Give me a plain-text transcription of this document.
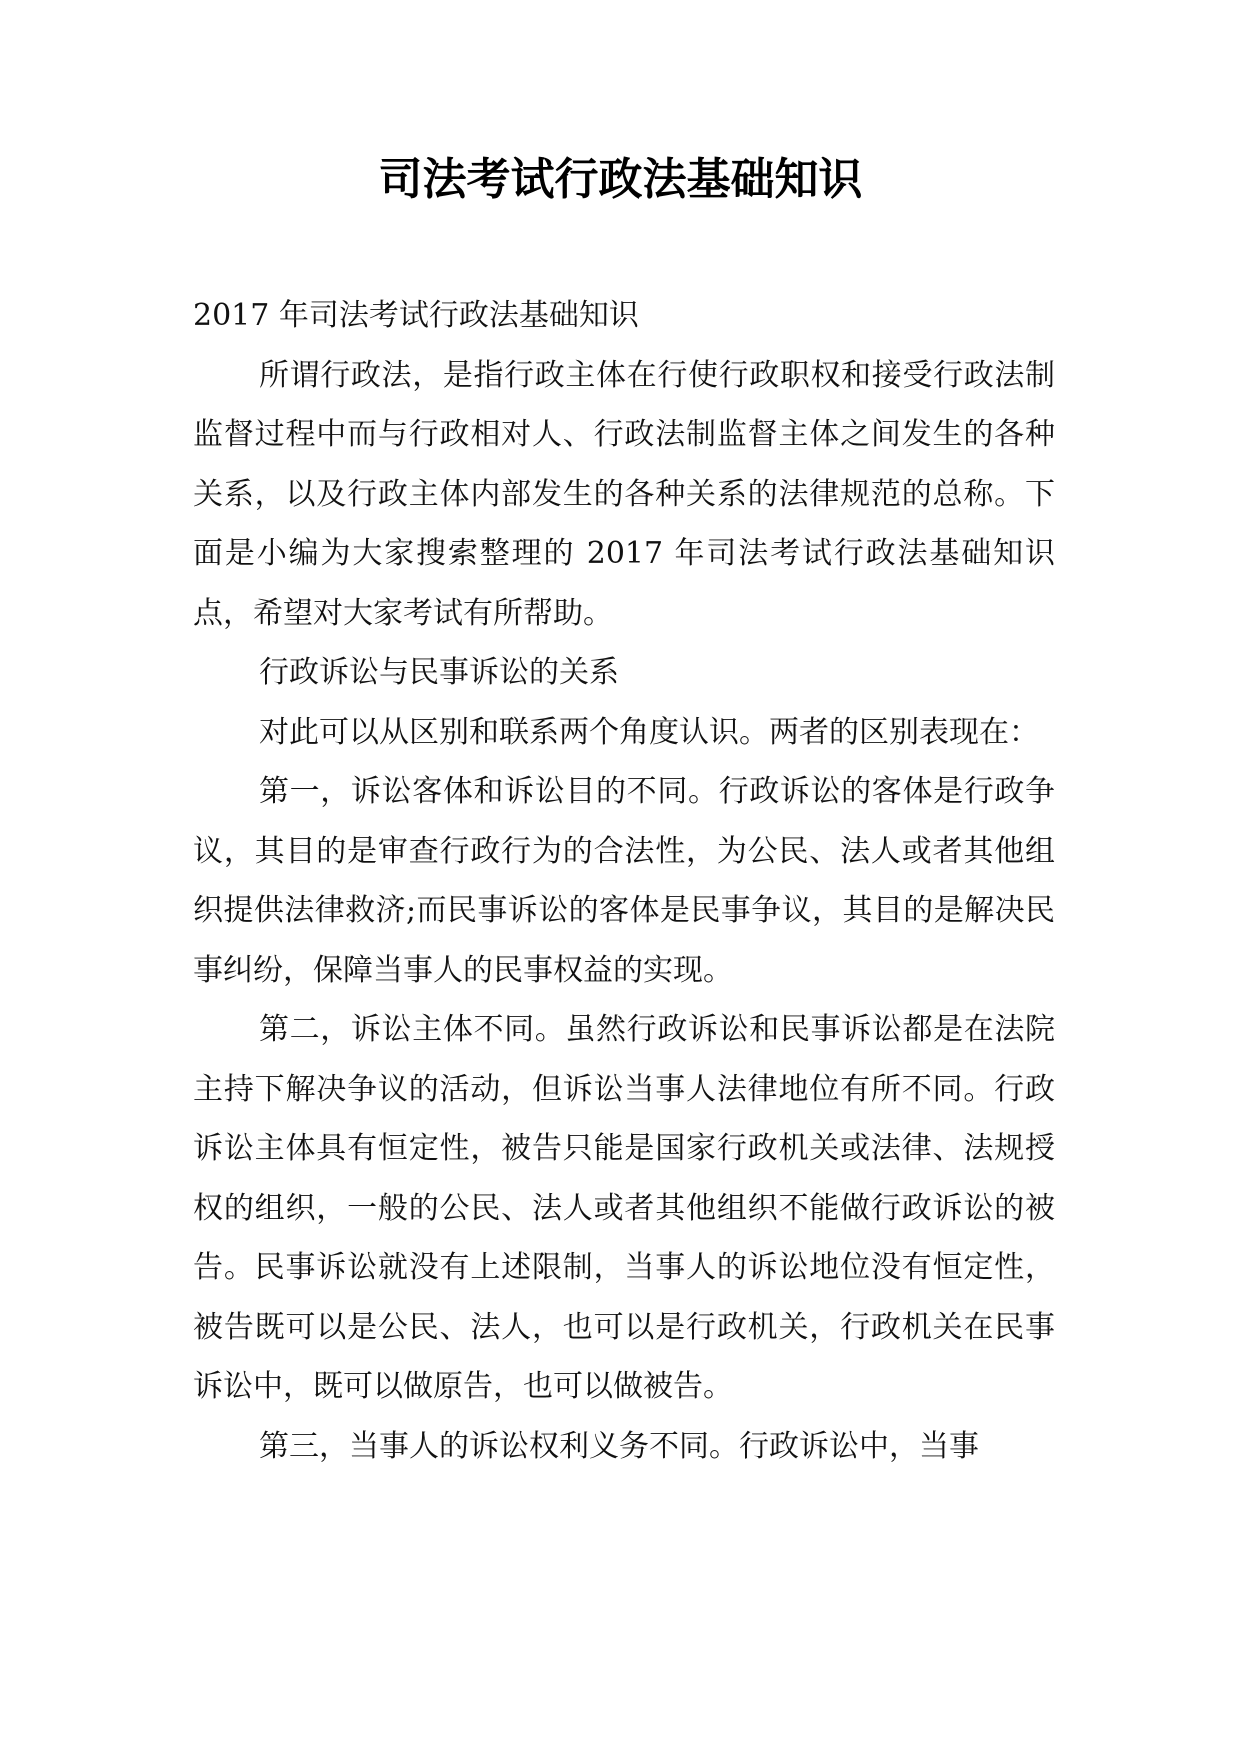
司法考试行政法基础知识

2017 年司法考试行政法基础知识

所谓行政法，是指行政主体在行使行政职权和接受行政法制监督过程中而与行政相对人、行政法制监督主体之间发生的各种关系，以及行政主体内部发生的各种关系的法律规范的总称。下面是小编为大家搜索整理的 2017 年司法考试行政法基础知识点，希望对大家考试有所帮助。

行政诉讼与民事诉讼的关系

对此可以从区别和联系两个角度认识。两者的区别表现在：

第一，诉讼客体和诉讼目的不同。行政诉讼的客体是行政争议，其目的是审查行政行为的合法性，为公民、法人或者其他组织提供法律救济;而民事诉讼的客体是民事争议，其目的是解决民事纠纷，保障当事人的民事权益的实现。

第二，诉讼主体不同。虽然行政诉讼和民事诉讼都是在法院主持下解决争议的活动，但诉讼当事人法律地位有所不同。行政诉讼主体具有恒定性，被告只能是国家行政机关或法律、法规授权的组织，一般的公民、法人或者其他组织不能做行政诉讼的被告。民事诉讼就没有上述限制，当事人的诉讼地位没有恒定性，被告既可以是公民、法人，也可以是行政机关，行政机关在民事诉讼中，既可以做原告，也可以做被告。

第三，当事人的诉讼权利义务不同。行政诉讼中，当事
